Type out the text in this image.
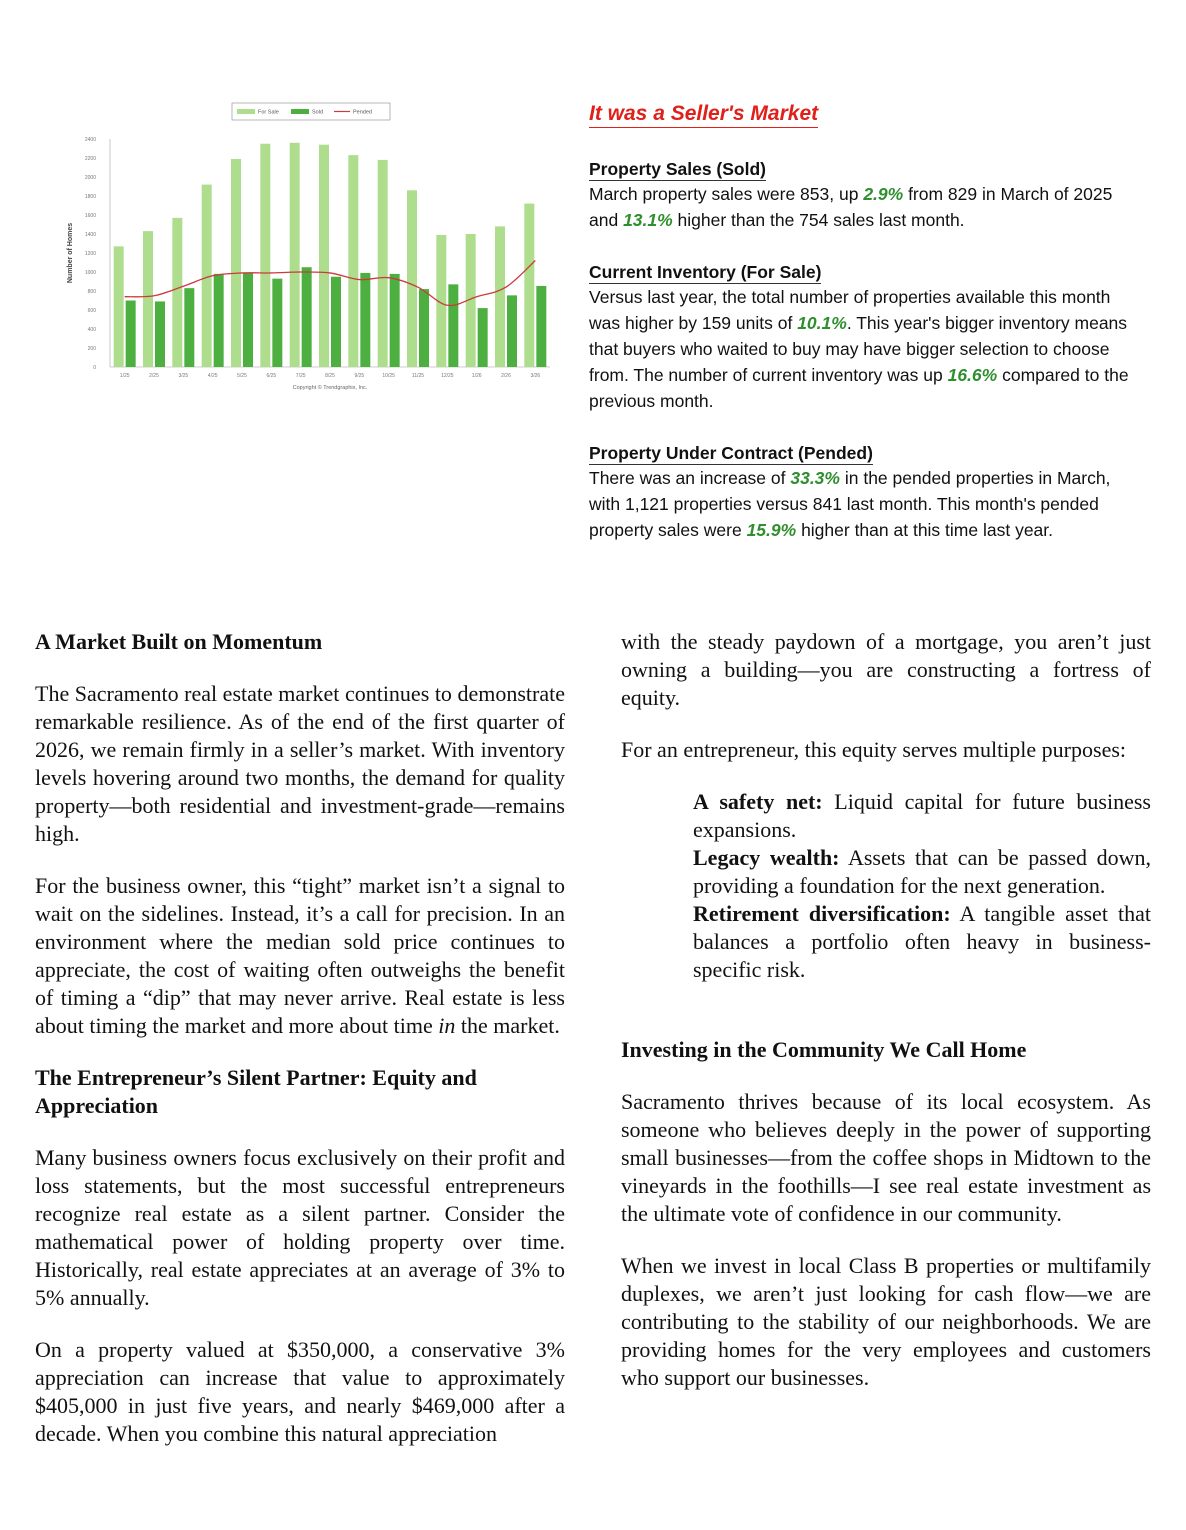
0
200
400
600
800
1000
1200
1400
1600
1800
2000
2200
2400
Number of Homes
1/25	2/25	3/25	4/25	5/25	6/25	7/25	8/25	9/25	10/25	11/25	12/25	1/26	2/26	3/26
Copyright © Trendgraphix, Inc.
For Sale	Sold	Pended	It was a Seller's Market
Property Sales (Sold)

March property sales were 853, up 2.9% from 829 in March of 2025 and 13.1% higher than the 754 sales last month.

Current Inventory (For Sale)

Versus last year, the total number of properties available this month was higher by 159 units of 10.1%. This year's bigger inventory means that buyers who waited to buy may have bigger selection to choose from. The number of current inventory was up 16.6% compared to the previous month.

Property Under Contract (Pended)

There was an increase of 33.3% in the pended properties in March, with 1,121 properties versus 841 last month. This month's pended property sales were 15.9% higher than at this time last year.

A Market Built on Momentum

The Sacramento real estate market continues to demonstrate remarkable resilience. As of the end of the first quarter of 2026, we remain firmly in a seller’s market. With inventory levels hovering around two months, the demand for quality property—both residential and investment-grade—remains high.

For the business owner, this “tight” market isn’t a signal to wait on the sidelines. Instead, it’s a call for precision. In an environment where the median sold price continues to appreciate, the cost of waiting often outweighs the benefit of timing a “dip” that may never arrive. Real estate is less about timing the market and more about time in the market.

The Entrepreneur’s Silent Partner: Equity and Appreciation

Many business owners focus exclusively on their profit and loss statements, but the most successful entrepreneurs recognize real estate as a silent partner. Consider the mathematical power of holding property over time. Historically, real estate appreciates at an average of 3% to 5% annually.

On a property valued at $350,000, a conservative 3% appreciation can increase that value to approximately $405,000 in just five years, and nearly $469,000 after a decade. When you combine this natural appreciation

with the steady paydown of a mortgage, you aren’t just owning a building—you are constructing a fortress of equity.

For an entrepreneur, this equity serves multiple purposes:

A safety net: Liquid capital for future business expansions.

Legacy wealth: Assets that can be passed down, providing a foundation for the next generation.

Retirement diversification: A tangible asset that balances a portfolio often heavy in business-specific risk.

Investing in the Community We Call Home

Sacramento thrives because of its local ecosystem. As someone who believes deeply in the power of supporting small businesses—from the coffee shops in Midtown to the vineyards in the foothills—I see real estate investment as the ultimate vote of confidence in our community.

When we invest in local Class B properties or multifamily duplexes, we aren’t just looking for cash flow—we are contributing to the stability of our neighborhoods. We are providing homes for the very employees and customers who support our businesses.
